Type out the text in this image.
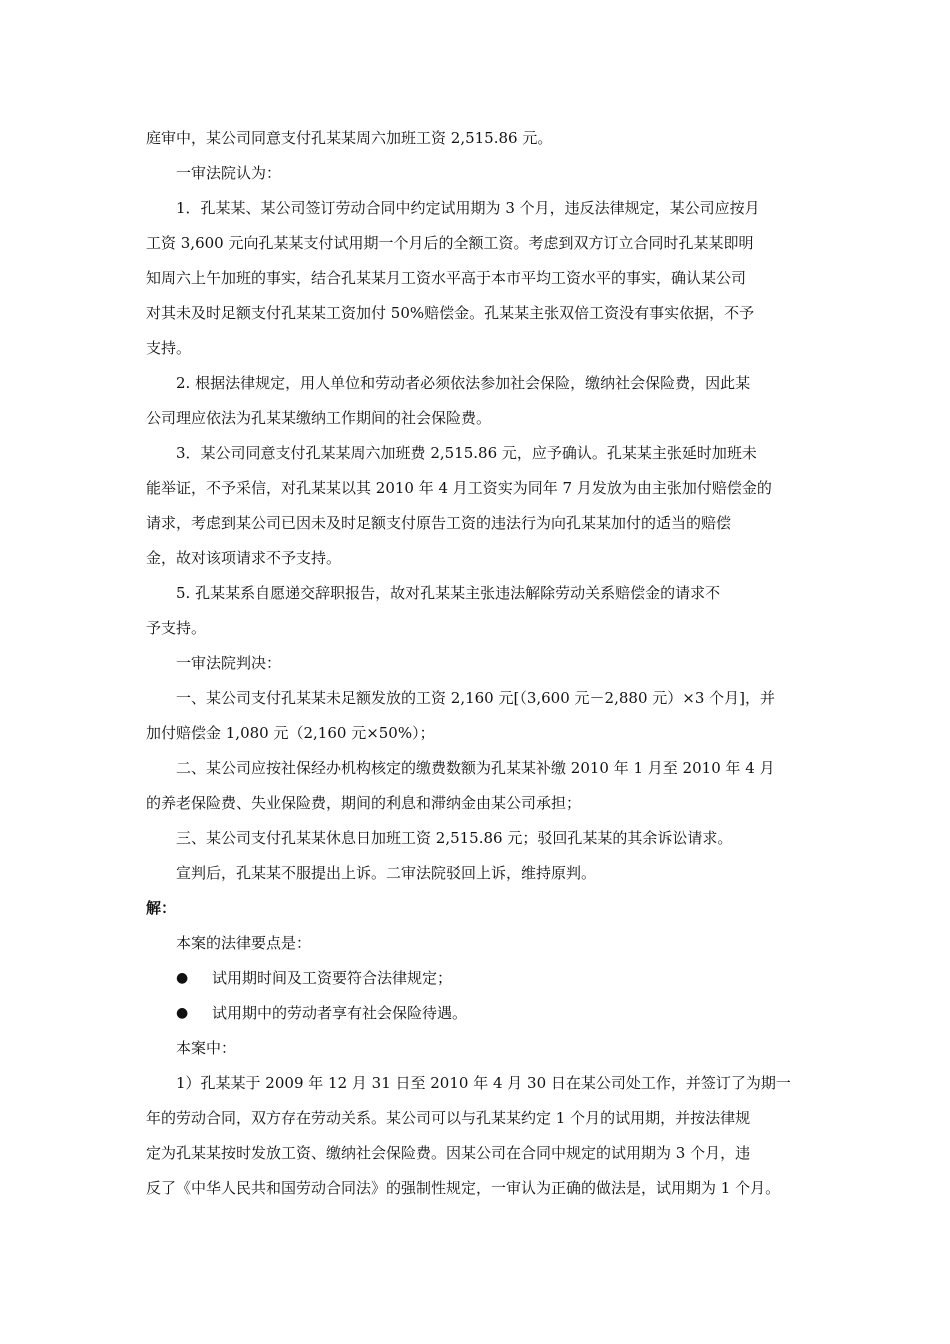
庭审中，某公司同意支付孔某某周六加班工资 2,515.86 元。
一审法院认为：
1．孔某某、某公司签订劳动合同中约定试用期为 3 个月，违反法律规定，某公司应按月
工资 3,600 元向孔某某支付试用期一个月后的全额工资。考虑到双方订立合同时孔某某即明
知周六上午加班的事实，结合孔某某月工资水平高于本市平均工资水平的事实，确认某公司
对其未及时足额支付孔某某工资加付 50%赔偿金。孔某某主张双倍工资没有事实依据，不予
支持。
2. 根据法律规定，用人单位和劳动者必须依法参加社会保险，缴纳社会保险费，因此某
公司理应依法为孔某某缴纳工作期间的社会保险费。
3．某公司同意支付孔某某周六加班费 2,515.86 元，应予确认。孔某某主张延时加班未
能举证，不予采信，对孔某某以其 2010 年 4 月工资实为同年 7 月发放为由主张加付赔偿金的
请求，考虑到某公司已因未及时足额支付原告工资的违法行为向孔某某加付的适当的赔偿
金，故对该项请求不予支持。
5. 孔某某系自愿递交辞职报告，故对孔某某主张违法解除劳动关系赔偿金的请求不
予支持。
一审法院判决：
一、某公司支付孔某某未足额发放的工资 2,160 元[（3,600 元－2,880 元）×3 个月]，并
加付赔偿金 1,080 元（2,160 元×50%）；
二、某公司应按社保经办机构核定的缴费数额为孔某某补缴 2010 年 1 月至 2010 年 4 月
的养老保险费、失业保险费，期间的利息和滞纳金由某公司承担；
三、某公司支付孔某某休息日加班工资 2,515.86 元；驳回孔某某的其余诉讼请求。
宣判后，孔某某不服提出上诉。二审法院驳回上诉，维持原判。
解：
本案的法律要点是：
● 试用期时间及工资要符合法律规定；
● 试用期中的劳动者享有社会保险待遇。
本案中：
1）孔某某于 2009 年 12 月 31 日至 2010 年 4 月 30 日在某公司处工作，并签订了为期一
年的劳动合同，双方存在劳动关系。某公司可以与孔某某约定 1 个月的试用期，并按法律规
定为孔某某按时发放工资、缴纳社会保险费。因某公司在合同中规定的试用期为 3 个月，违
反了《中华人民共和国劳动合同法》的强制性规定，一审认为正确的做法是，试用期为 1 个月。
